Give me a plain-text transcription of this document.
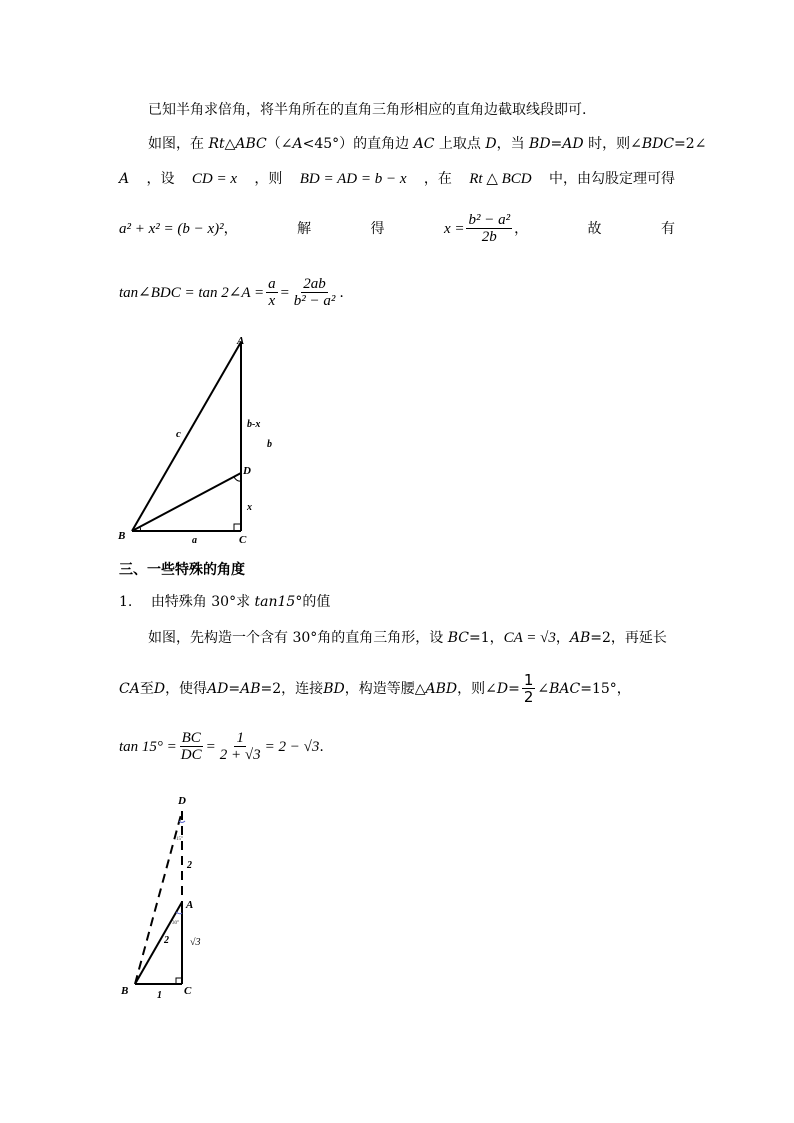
已知半角求倍角，将半角所在的直角三角形相应的直角边截取线段即可.
如图，在 Rt△ABC（∠A<45°）的直角边 AC 上取点 D，当 BD=AD 时，则∠BDC=2∠
A ，设 CD = x ，则 BD = AD = b − x ，在 Rt △ BCD 中，由勾股定理可得
a² + x² = (b − x)²，	解	得	$x = \frac{\text{b² − a²}}{2b}$ ，	故	有
tan∠BDC = tan 2∠A = $\frac{a}{x} = \frac{2ab}{\text{b² − a²}}$ .
A
B	C
D
c
b-x
b
x
a
三、一些特殊的角度
1. 由特殊角 30°求 tan15°的值
如图，先构造一个含有 30°角的直角三角形，设 BC=1，CA = √3，AB=2，再延长
CA 至 D ，使得 AD = AB =2，连接 BD ，构造等腰△ ABD ，则∠ $D = \frac{1}{2}$ ∠ BAC =15°，
$\tan 15^\circ = \frac{BC}{DC} = \frac{1}{2 + √3} = 2 - √3$ .
D
A
B	C
2
2 √3
1
15°
30°
